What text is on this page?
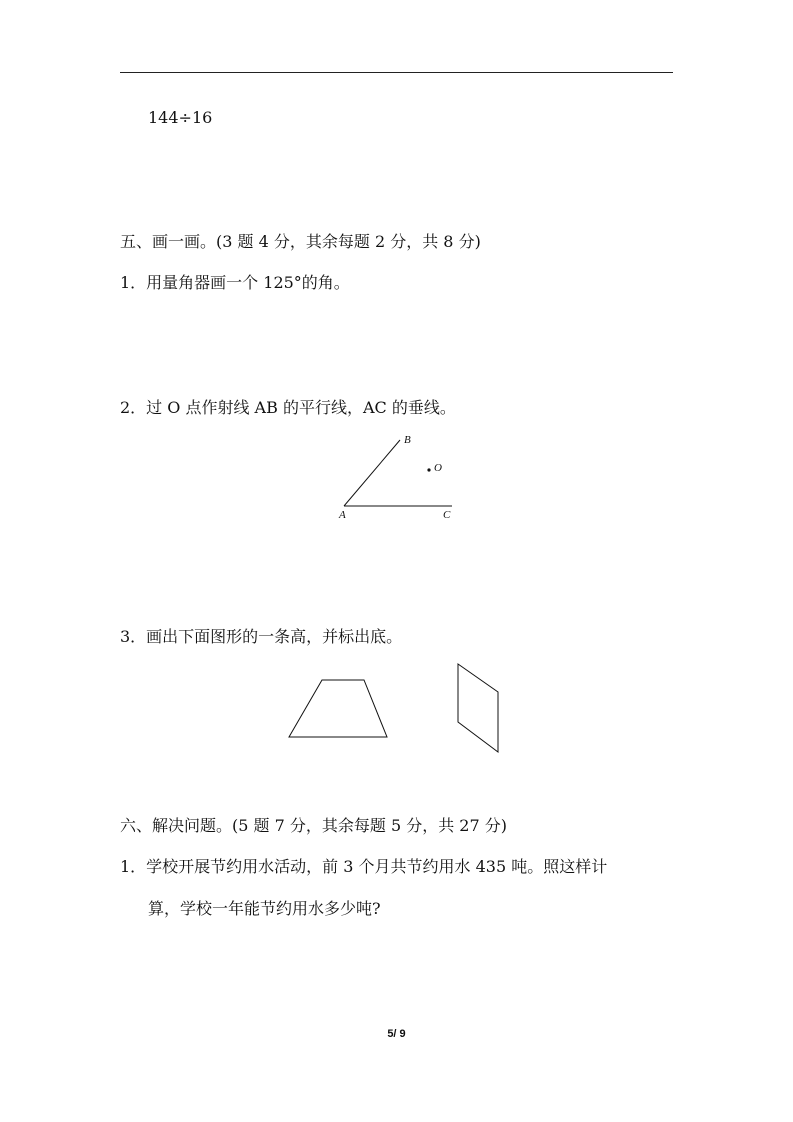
144÷16
五、画一画。(3 题 4 分，其余每题 2 分，共 8 分)
1．用量角器画一个 125°的角。
2．过 O 点作射线 AB 的平行线，AC 的垂线。
B
O
A	C
3．画出下面图形的一条高，并标出底。
六、解决问题。(5 题 7 分，其余每题 5 分，共 27 分)
1．学校开展节约用水活动，前 3 个月共节约用水 435 吨。照这样计
算，学校一年能节约用水多少吨?
5/ 9
